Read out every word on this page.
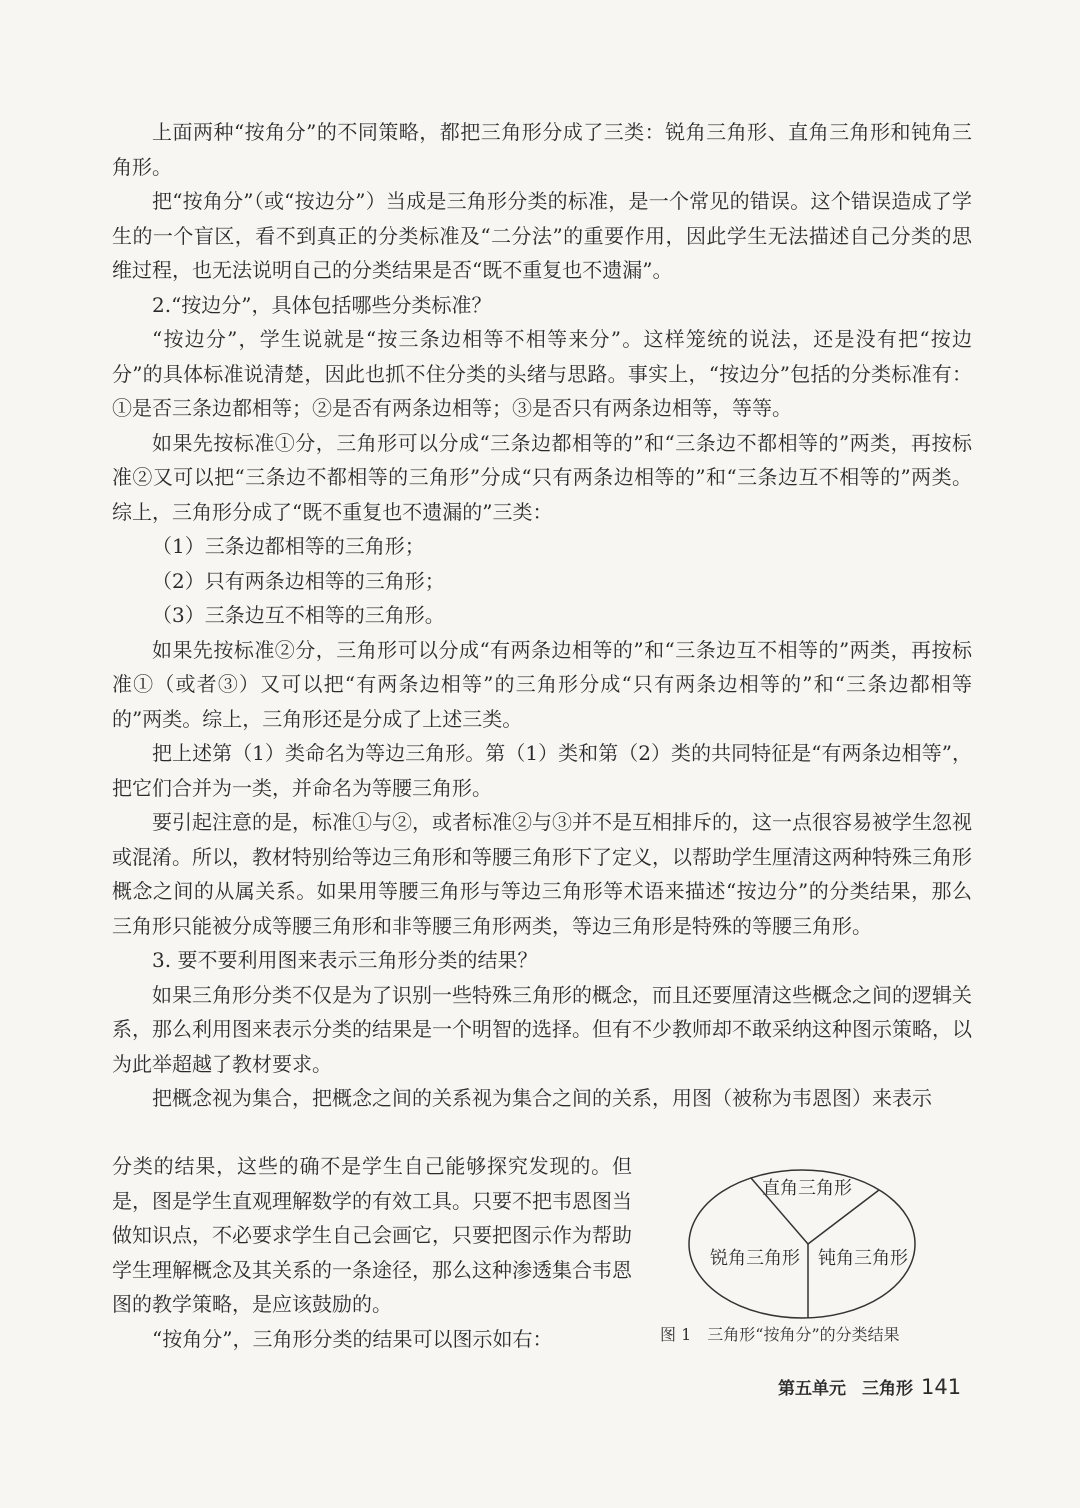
上面两种“按角分”的不同策略，都把三角形分成了三类：锐角三角形、直角三角形和钝角三角形。

把“按角分”（或“按边分”）当成是三角形分类的标准，是一个常见的错误。这个错误造成了学生的一个盲区，看不到真正的分类标准及“二分法”的重要作用，因此学生无法描述自己分类的思维过程，也无法说明自己的分类结果是否“既不重复也不遗漏”。

2.“按边分”，具体包括哪些分类标准？

“按边分”，学生说就是“按三条边相等不相等来分”。这样笼统的说法，还是没有把“按边分”的具体标准说清楚，因此也抓不住分类的头绪与思路。事实上，“按边分”包括的分类标准有：①是否三条边都相等；②是否有两条边相等；③是否只有两条边相等，等等。

如果先按标准①分，三角形可以分成“三条边都相等的”和“三条边不都相等的”两类，再按标准②又可以把“三条边不都相等的三角形”分成“只有两条边相等的”和“三条边互不相等的”两类。综上，三角形分成了“既不重复也不遗漏的”三类：

（1）三条边都相等的三角形；

（2）只有两条边相等的三角形；

（3）三条边互不相等的三角形。

如果先按标准②分，三角形可以分成“有两条边相等的”和“三条边互不相等的”两类，再按标准①（或者③）又可以把“有两条边相等”的三角形分成“只有两条边相等的”和“三条边都相等的”两类。综上，三角形还是分成了上述三类。

把上述第（1）类命名为等边三角形。第（1）类和第（2）类的共同特征是“有两条边相等”，把它们合并为一类，并命名为等腰三角形。

要引起注意的是，标准①与②，或者标准②与③并不是互相排斥的，这一点很容易被学生忽视或混淆。所以，教材特别给等边三角形和等腰三角形下了定义，以帮助学生厘清这两种特殊三角形概念之间的从属关系。如果用等腰三角形与等边三角形等术语来描述“按边分”的分类结果，那么三角形只能被分成等腰三角形和非等腰三角形两类，等边三角形是特殊的等腰三角形。

3. 要不要利用图来表示三角形分类的结果？

如果三角形分类不仅是为了识别一些特殊三角形的概念，而且还要厘清这些概念之间的逻辑关系，那么利用图来表示分类的结果是一个明智的选择。但有不少教师却不敢采纳这种图示策略，以为此举超越了教材要求。

把概念视为集合，把概念之间的关系视为集合之间的关系，用图（被称为韦恩图）来表示

分类的结果，这些的确不是学生自己能够探究发现的。但是，图是学生直观理解数学的有效工具。只要不把韦恩图当做知识点，不必要求学生自己会画它，只要把图示作为帮助学生理解概念及其关系的一条途径，那么这种渗透集合韦恩图的教学策略，是应该鼓励的。

“按角分”，三角形分类的结果可以图示如右：

直角三角形
锐角三角形 钝角三角形
图 1　三角形“按角分”的分类结果
第五单元 三角形 141
